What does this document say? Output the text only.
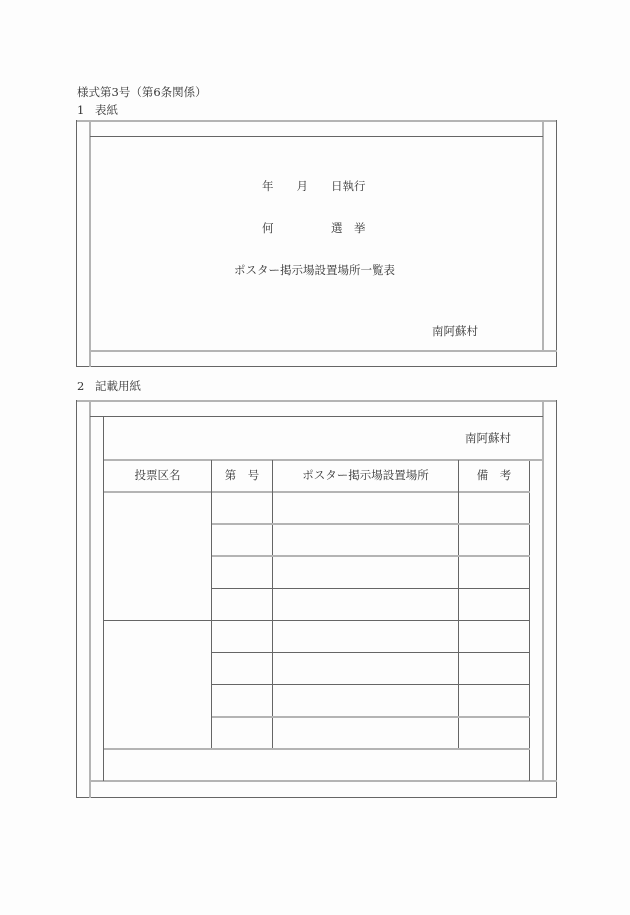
様式第3号（第6条関係）
1 表紙
年　　月　　日執行
何　　　　　選　挙
ポスター掲示場設置場所一覧表
南阿蘇村
2 記載用紙
南阿蘇村
投票区名	第　号	ポスター掲示場設置場所	備　考
